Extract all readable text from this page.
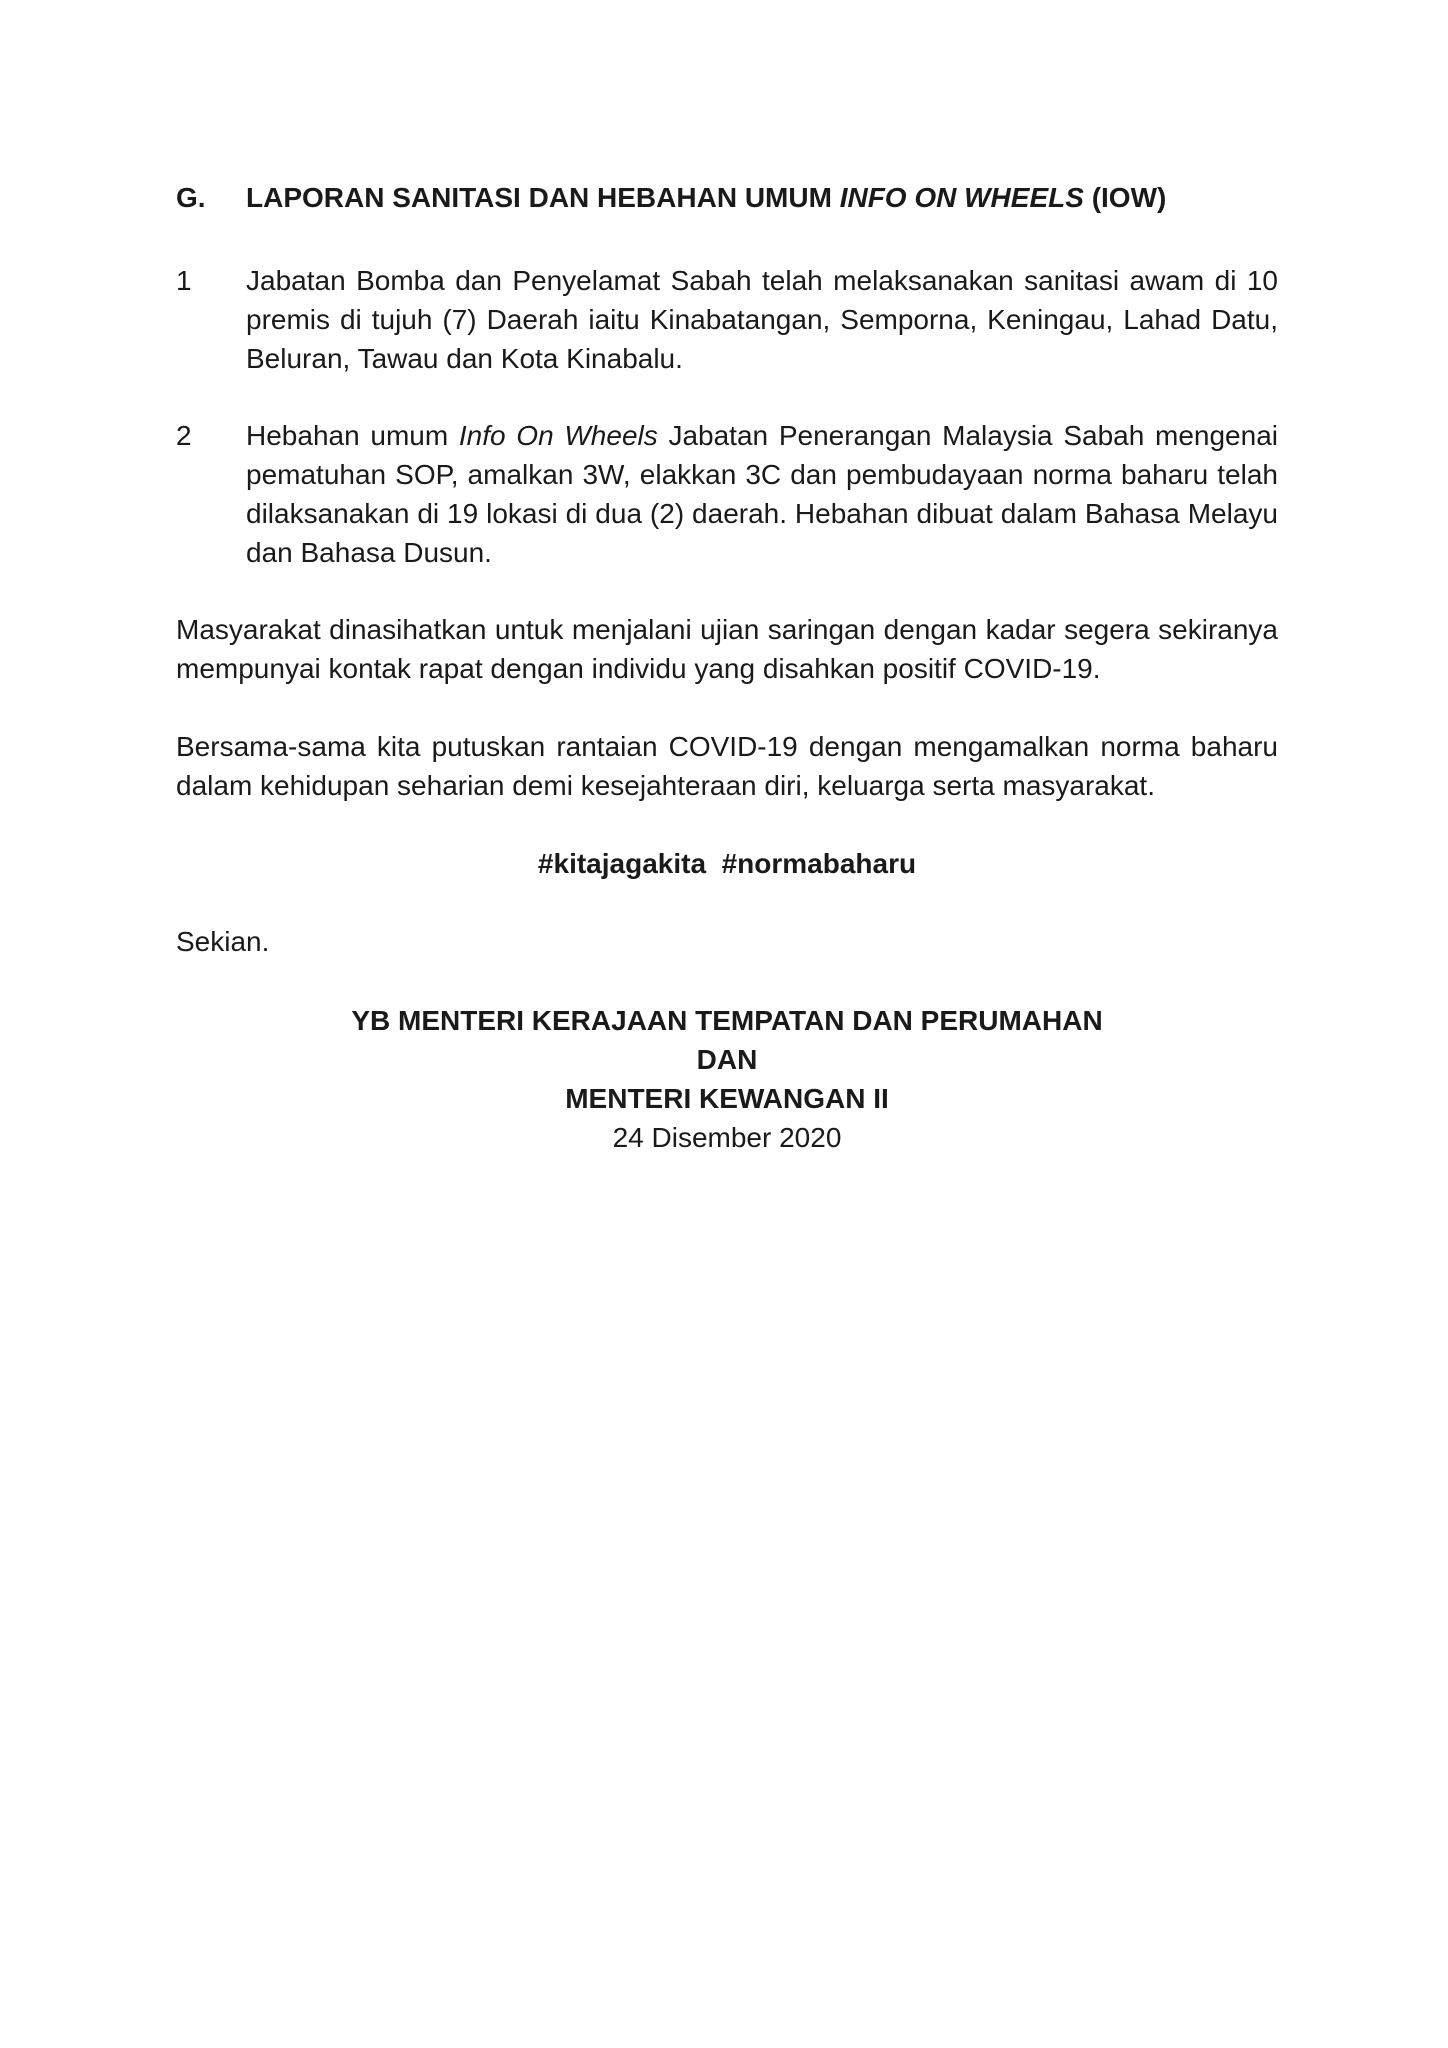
G.	LAPORAN SANITASI DAN HEBAHAN UMUM INFO ON WHEELS (IOW)
1	Jabatan Bomba dan Penyelamat Sabah telah melaksanakan sanitasi awam di 10 premis di tujuh (7) Daerah iaitu Kinabatangan, Semporna, Keningau, Lahad Datu, Beluran, Tawau dan Kota Kinabalu.
2	Hebahan umum Info On Wheels Jabatan Penerangan Malaysia Sabah mengenai pematuhan SOP, amalkan 3W, elakkan 3C dan pembudayaan norma baharu telah dilaksanakan di 19 lokasi di dua (2) daerah. Hebahan dibuat dalam Bahasa Melayu dan Bahasa Dusun.
Masyarakat dinasihatkan untuk menjalani ujian saringan dengan kadar segera sekiranya mempunyai kontak rapat dengan individu yang disahkan positif COVID-19.
Bersama-sama kita putuskan rantaian COVID-19 dengan mengamalkan norma baharu dalam kehidupan seharian demi kesejahteraan diri, keluarga serta masyarakat.
#kitajagakita  #normabaharu
Sekian.
YB MENTERI KERAJAAN TEMPATAN DAN PERUMAHAN
DAN
MENTERI KEWANGAN II
24 Disember 2020
